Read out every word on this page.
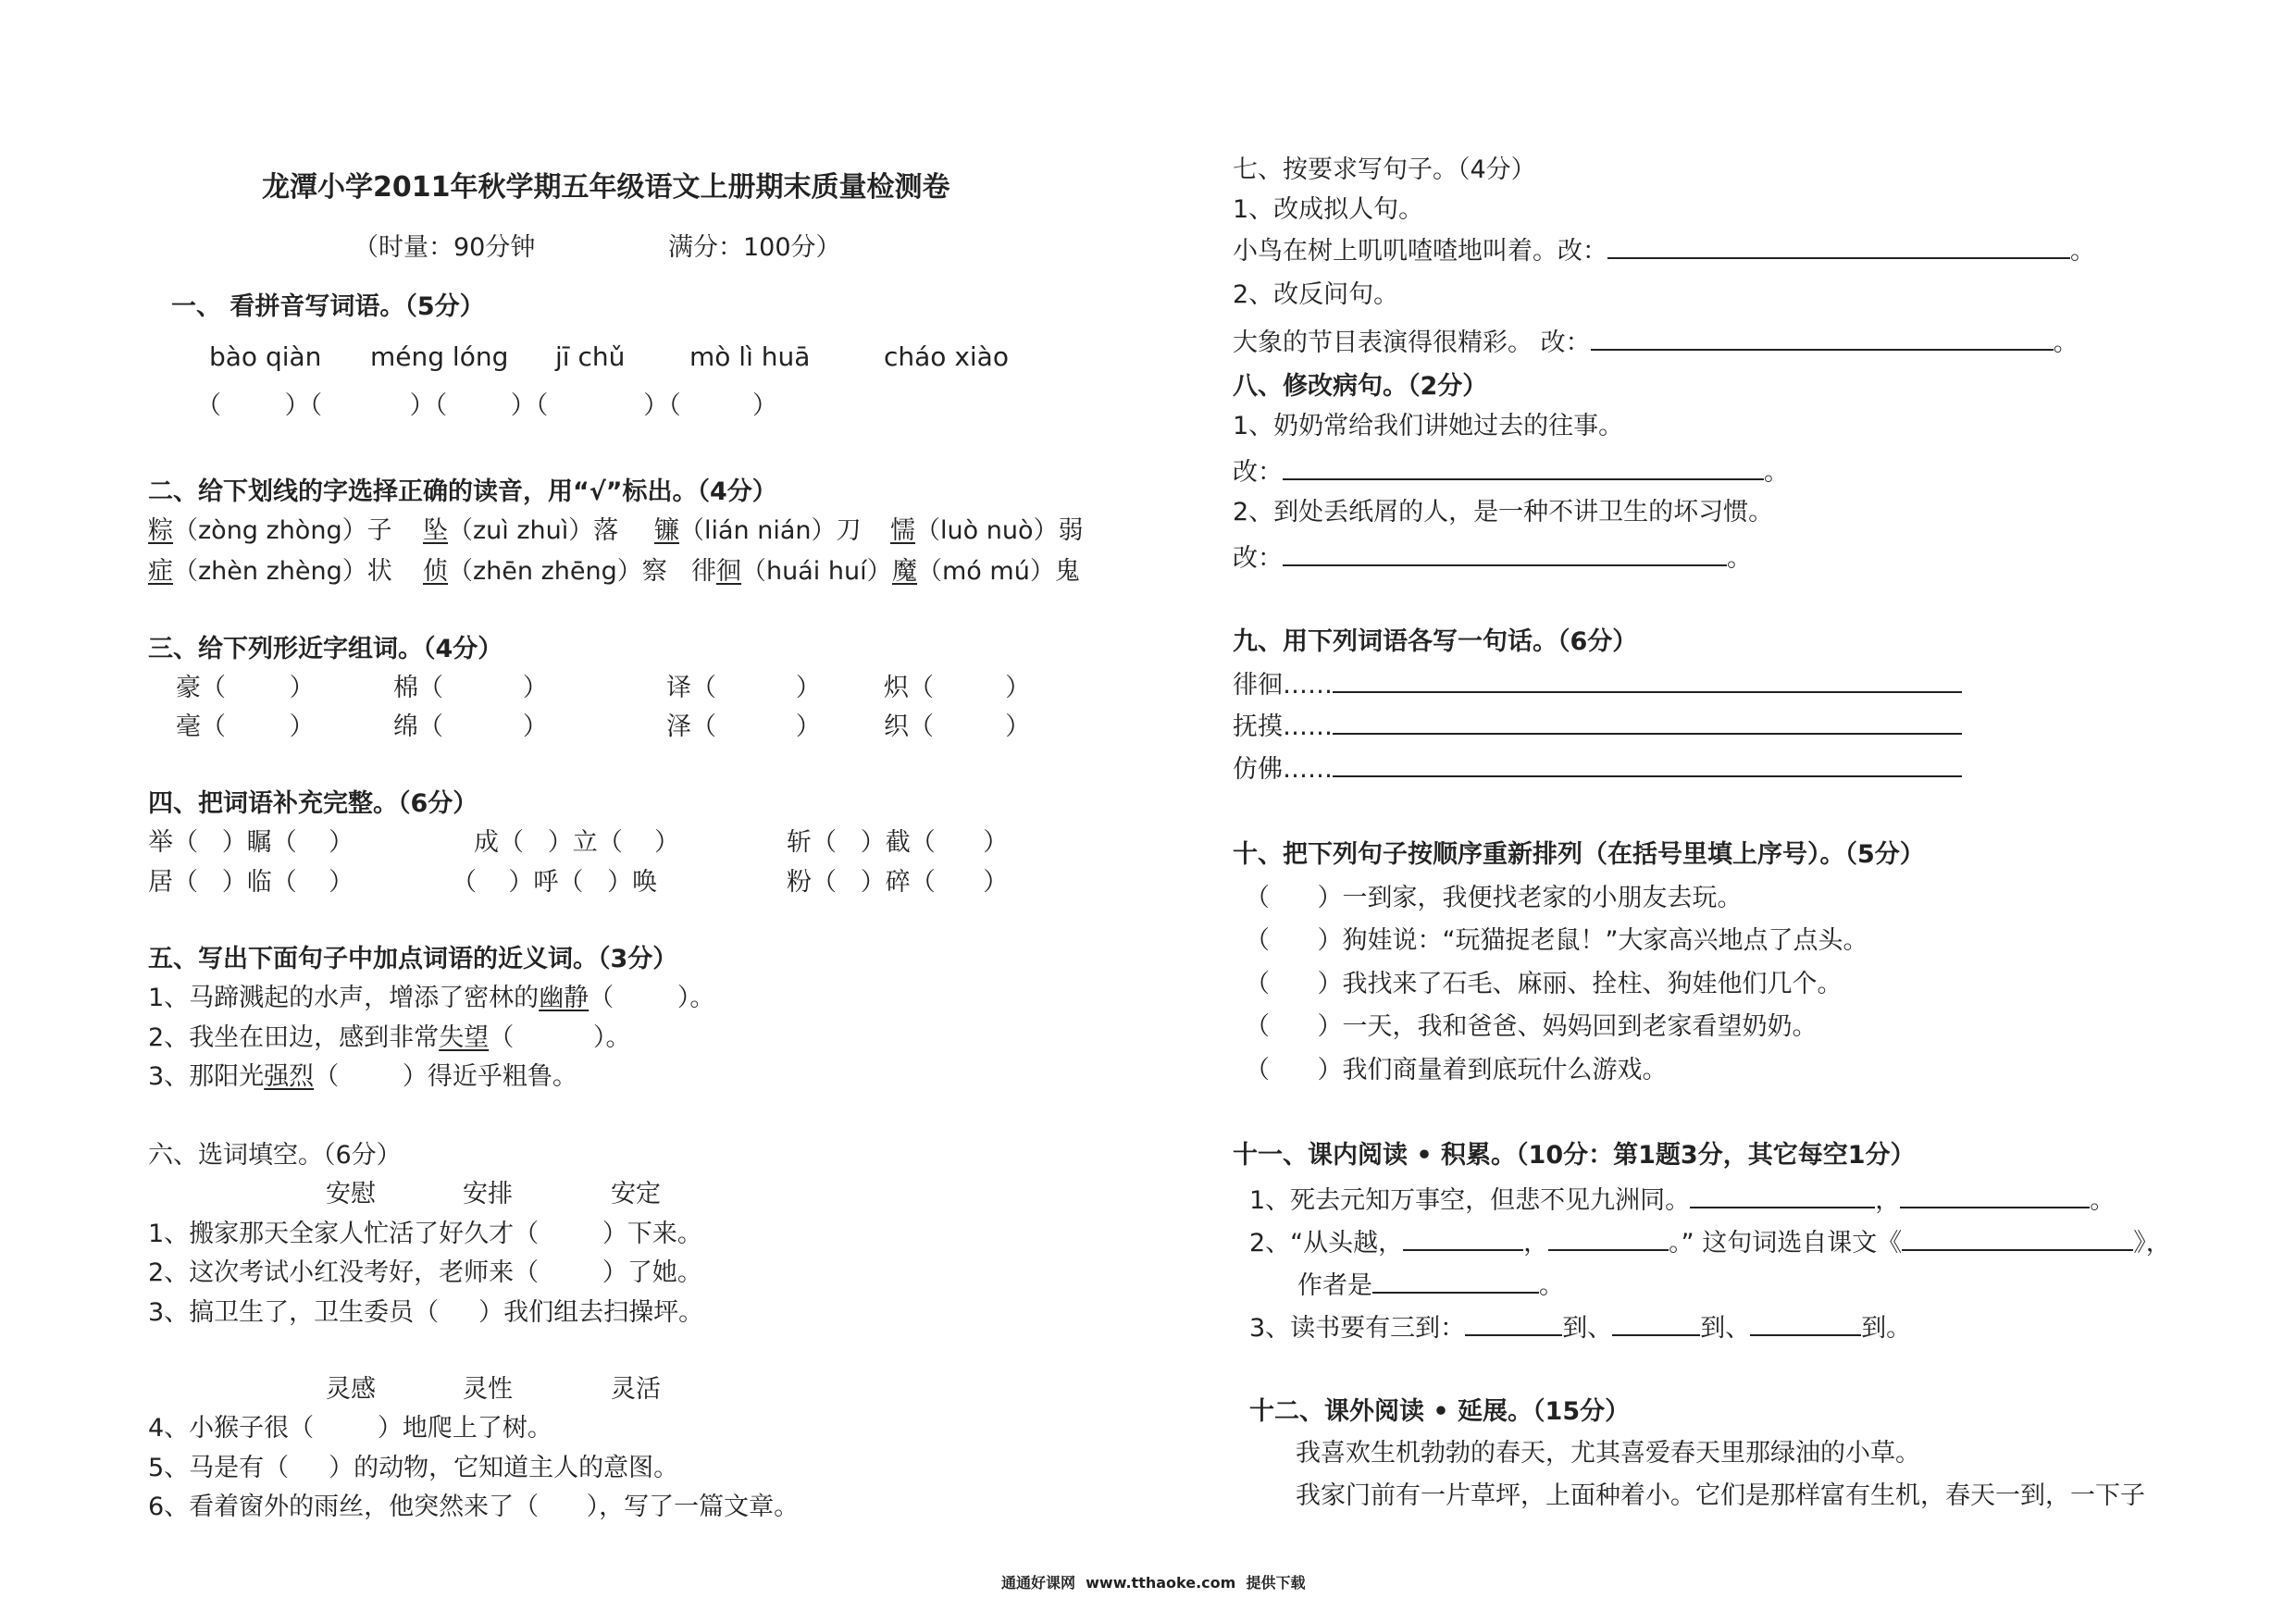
龙潭小学2011年秋学期五年级语文上册期末质量检测卷
（时量：90分钟	满分：100分）
一、 看拼音写词语。（5分）
bào qiàn méng lóng jī chǔ mò lì huā	cháo xiào
（        ）（           ）（        ）（            ）（         ）
二、给下划线的字选择正确的读音，用“√”标出。（4分）
粽（zòng zhòng）子 坠（zuì zhuì）落 镰（lián nián）刀 懦（luò nuò）弱
症（zhèn zhèng）状 侦（zhēn zhēng）察 徘徊（huái huí） 魔（mó mú）鬼
三、给下列形近字组词。（4分）
豪（        ）	棉（          ）	译（          ）	炽（         ）
毫（        ）	绵（          ）	泽（          ）	织（         ）
四、把词语补充完整。（6分）
举（   ）瞩（    ）	成（   ）立（    ）	斩（   ）截（      ）
居（   ）临（    ）	（    ）呼（   ）唤	粉（   ）碎（      ）
五、写出下面句子中加点词语的近义词。（3分）
1、马蹄溅起的水声，增添了密林的幽静（        ）。
2、我坐在田边，感到非常失望（          ）。
3、那阳光强烈（        ）得近乎粗鲁。
六、选词填空。（6分）
安慰	安排	安定
1、搬家那天全家人忙活了好久才（        ）下来。
2、这次考试小红没考好，老师来（        ）了她。
3、搞卫生了，卫生委员（     ）我们组去扫操坪。
灵感	灵性	灵活
4、小猴子很（        ）地爬上了树。
5、马是有（     ）的动物，它知道主人的意图。
6、看着窗外的雨丝，他突然来了（      ），写了一篇文章。
七、按要求写句子。（4分）
1、改成拟人句。
小鸟在树上叽叽喳喳地叫着。改：	。
2、改反问句。
大象的节目表演得很精彩。 改：	。
八、修改病句。（2分）
1、奶奶常给我们讲她过去的往事。
改：	。
2、到处丢纸屑的人，是一种不讲卫生的坏习惯。
改：	。
九、用下列词语各写一句话。（6分）
徘徊……
抚摸……
仿佛……
十、把下列句子按顺序重新排列（在括号里填上序号）。（5分）
（      ）一到家，我便找老家的小朋友去玩。
（      ）狗娃说：“玩猫捉老鼠！”大家高兴地点了点头。
（      ）我找来了石毛、麻丽、拴柱、狗娃他们几个。
（      ）一天，我和爸爸、妈妈回到老家看望奶奶。
（      ）我们商量着到底玩什么游戏。
十一、课内阅读 • 积累。（10分：第1题3分，其它每空1分）
1、死去元知万事空，但悲不见九洲同。	，	。
2、“从头越，	，	。” 这句词选自课文《	》，
作者是	。
3、读书要有三到：	到、	到、	到。
十二、课外阅读 • 延展。（15分）
我喜欢生机勃勃的春天，尤其喜爱春天里那绿油的小草。
我家门前有一片草坪，上面种着小。它们是那样富有生机，春天一到，一下子
通通好课网  www.tthaoke.com  提供下载
